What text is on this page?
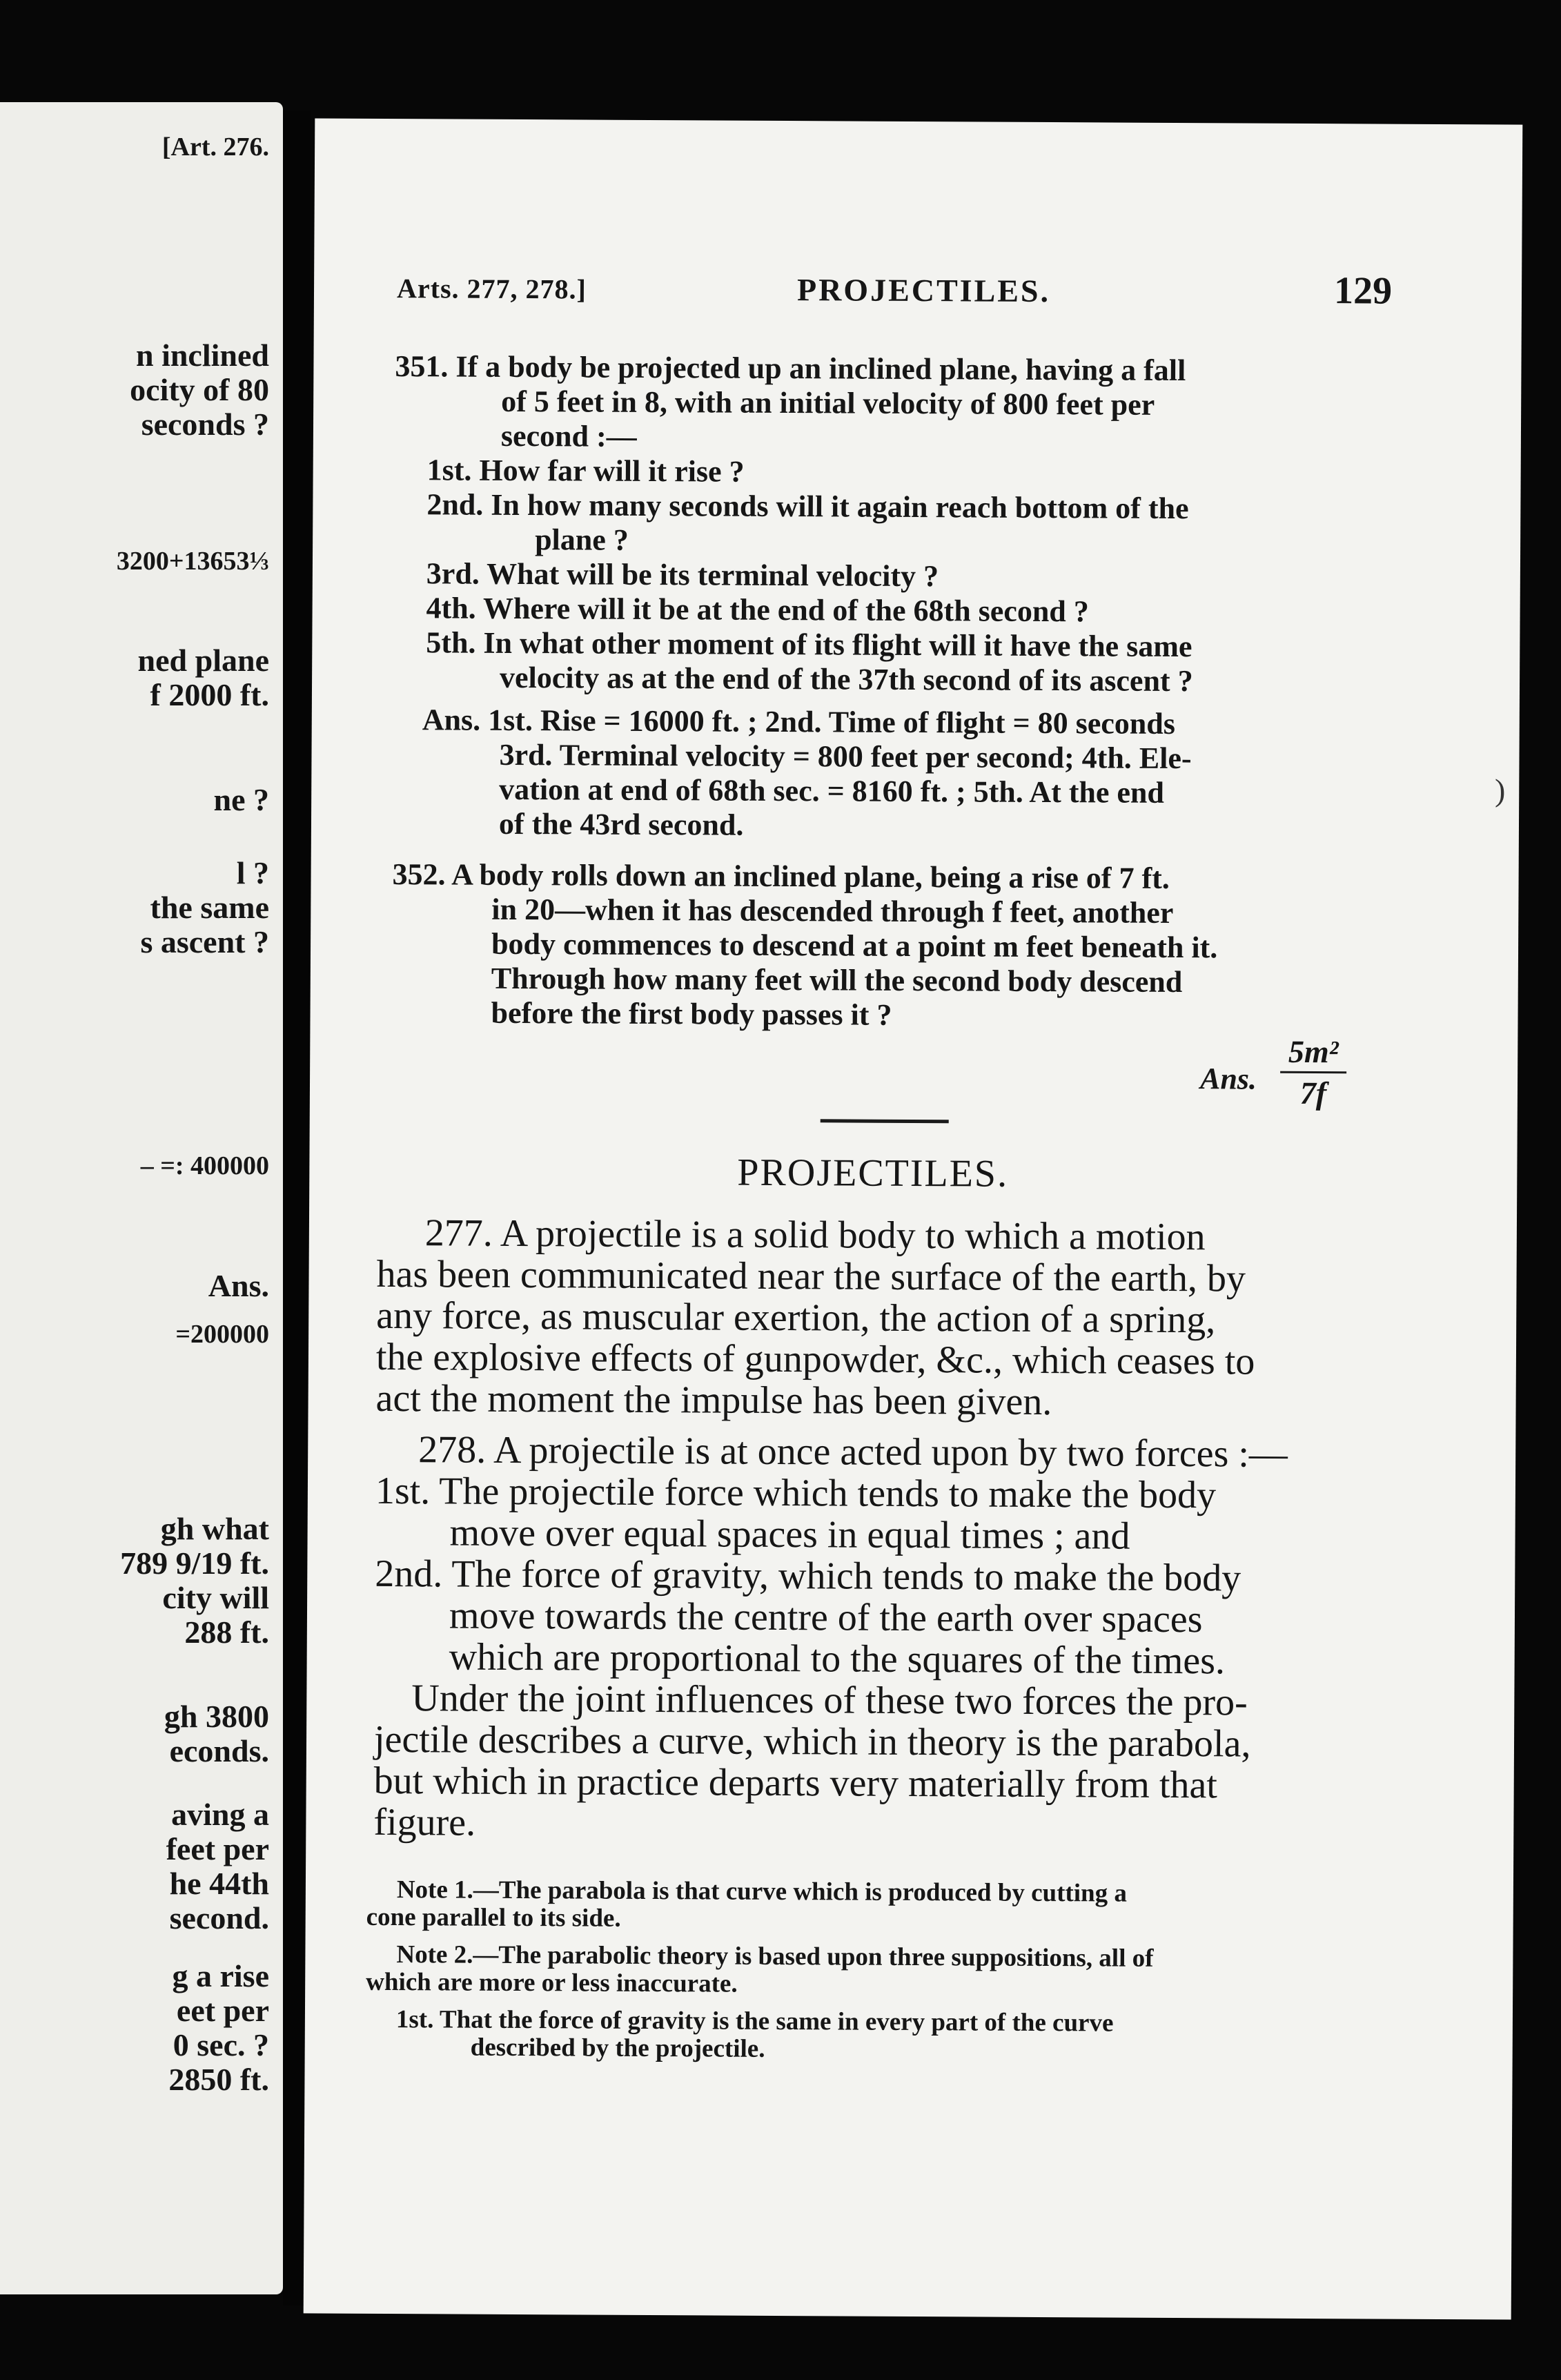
[Art. 276.
n inclined
ocity of 80
seconds ?
3200+13653⅓
ned plane
f 2000 ft.
ne ?
l ?
the same
s ascent ?
– =: 400000
Ans.
=200000
gh what
789 9/19 ft.
city will
288 ft.
gh 3800
econds.
aving a
feet per
he 44th
second.
g a rise
eet per
0 sec. ?
2850 ft.
Arts. 277, 278.]	PROJECTILES.	129
351. If a body be projected up an inclined plane, having a fall
of 5 feet in 8, with an initial velocity of 800 feet per
second :—
1st. How far will it rise ?
2nd. In how many seconds will it again reach bottom of the
plane ?
3rd. What will be its terminal velocity ?
4th. Where will it be at the end of the 68th second ?
5th. In what other moment of its flight will it have the same
velocity as at the end of the 37th second of its ascent ?
Ans. 1st. Rise = 16000 ft. ; 2nd. Time of flight = 80 seconds
3rd. Terminal velocity = 800 feet per second; 4th. Ele-
vation at end of 68th sec. = 8160 ft. ; 5th. At the end
of the 43rd second.
352. A body rolls down an inclined plane, being a rise of 7 ft.
in 20—when it has descended through f feet, another
body commences to descend at a point m feet beneath it.
Through how many feet will the second body descend
before the first body passes it ?
Ans.
5m²
7f
PROJECTILES.
277. A projectile is a solid body to which a motion
has been communicated near the surface of the earth, by
any force, as muscular exertion, the action of a spring,
the explosive effects of gunpowder, &c., which ceases to
act the moment the impulse has been given.
278. A projectile is at once acted upon by two forces :—
1st. The projectile force which tends to make the body
move over equal spaces in equal times ; and
2nd. The force of gravity, which tends to make the body
move towards the centre of the earth over spaces
which are proportional to the squares of the times.
Under the joint influences of these two forces the pro-
jectile describes a curve, which in theory is the parabola,
but which in practice departs very materially from that
figure.
Note 1.—The parabola is that curve which is produced by cutting a
cone parallel to its side.
Note 2.—The parabolic theory is based upon three suppositions, all of
which are more or less inaccurate.
1st. That the force of gravity is the same in every part of the curve
described by the projectile.
)
